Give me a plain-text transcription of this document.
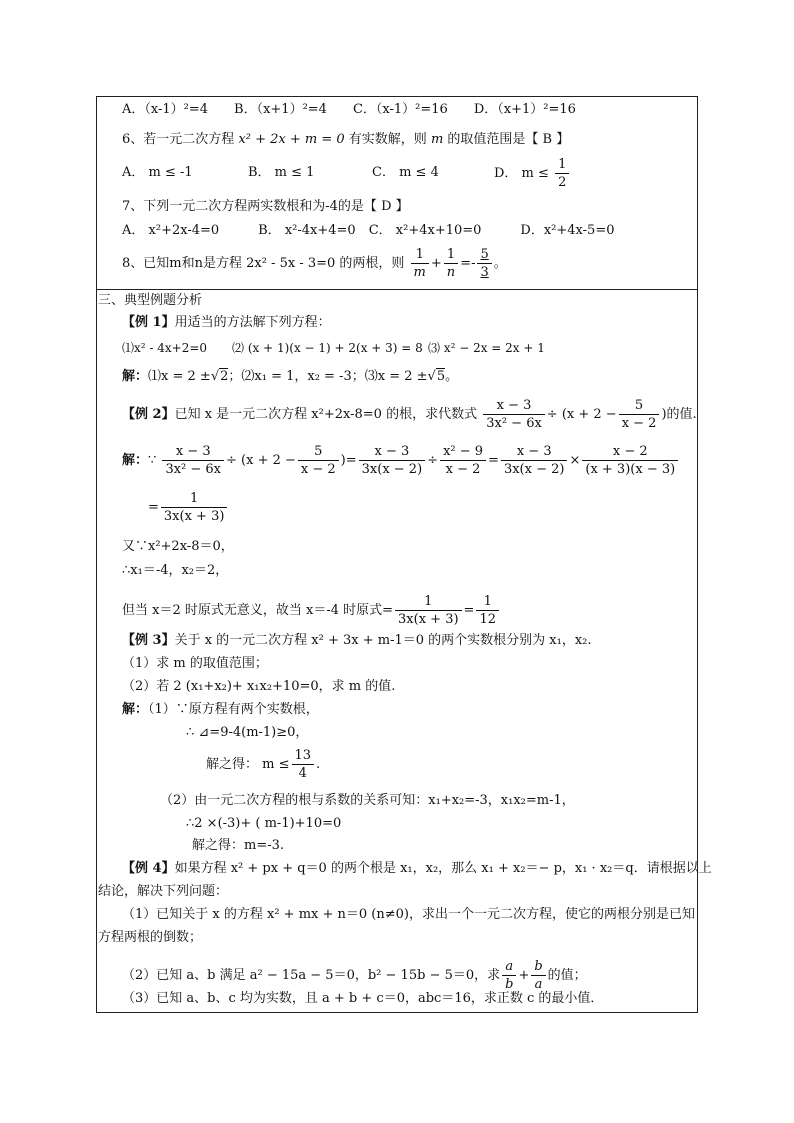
A．（x-1）²=4　　B．（x+1）²=4　　C．（x-1）²=16　　D．（x+1）²=16
6、若一元二次方程 x² + 2x + m = 0 有实数解，则 m 的取值范围是【 B 】
A． m ≤ -1	B． m ≤ 1	C． m ≤ 4	D． $m \le \frac{1}{2}$
7、下列一元二次方程两实数根和为-4的是【 D 】
A． x²+2x-4=0　　　B． x²-4x+4=0　C． x²+4x+10=0　　　D．x²+4x-5=0
8、已知m和n是方程 2x² - 5x - 3=0 的两根，则 $\frac{1}{m} + \frac{1}{n} =- \frac{5}{3}$ 。
三、典型例题分析
【例 1】用适当的方法解下列方程：
⑴x² - 4x+2=0 ⑵ (x + 1)(x − 1) + 2(x + 3) = 8 ⑶ x² − 2x = 2x + 1
解：⑴x = 2 ±√2；⑵x₁ = 1，x₂ = -3；⑶x = 2 ±√5。
【例 2】已知 x 是一元二次方程 x²+2x-8=0 的根，求代数式 $\frac{x - 3}{\text{3x² − 6x}} \div (x + 2 - \frac{5}{x - 2}$ )的值.
解：∵ $\frac{x - 3}{\text{3x² − 6x}} \div (x + 2 - \frac{5}{x - 2}$ )= $\frac{x - 3}{3x(x - 2)} \div \frac{\text{x² − 9}}{x - 2} = \frac{x - 3}{3x(x - 2)} \times \frac{x - 2}{(x + 3)(x - 3)}$
= $\frac{1}{3x(x + 3)}$
又∵x²+2x-8＝0，
∴x₁＝-4，x₂＝2，
但当 x＝2 时原式无意义，故当 x＝-4 时原式= $\frac{1}{3x(x + 3)} = \frac{1}{12}$
【例 3】关于 x 的一元二次方程 x² + 3x + m-1＝0 的两个实数根分别为 x₁，x₂.
（1）求 m 的取值范围；
（2）若 2 (x₁+x₂)+ x₁x₂+10=0，求 m 的值.
解：（1）∵原方程有两个实数根，
∴ ⊿=9-4(m-1)≥0，
解之得： $m \le \frac{13}{4}$ .
（2）由一元二次方程的根与系数的关系可知：x₁+x₂=-3，x₁x₂=m-1，
∴2 ×(-3)+ ( m-1)+10=0
解之得：m=-3.
【例 4】如果方程 x² + px + q＝0 的两个根是 x₁，x₂，那么 x₁ + x₂＝− p，x₁ · x₂＝q．请根据以上
结论，解决下列问题：
（1）已知关于 x 的方程 x² + mx + n＝0 (n≠0)，求出一个一元二次方程，使它的两根分别是已知
方程两根的倒数；
（2）已知 a、b 满足 a² − 15a − 5＝0，b² − 15b − 5＝0，求 $\frac{a}{b} + \frac{b}{a}$ 的值；
（3）已知 a、b、c 均为实数，且 a + b + c＝0，abc＝16，求正数 c 的最小值．
